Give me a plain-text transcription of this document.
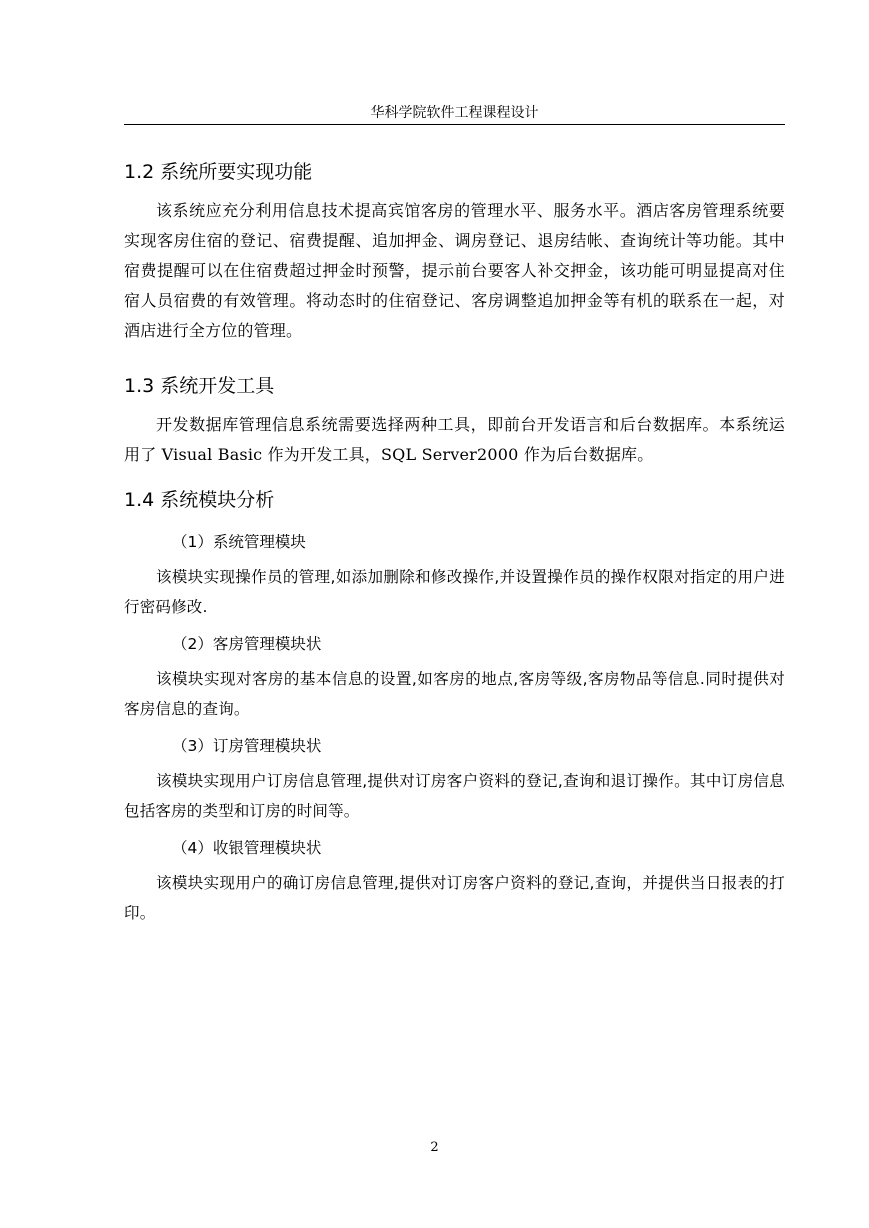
华科学院软件工程课程设计
1.2 系统所要实现功能
该系统应充分利用信息技术提高宾馆客房的管理水平、服务水平。酒店客房管理系统要实现客房住宿的登记、宿费提醒、追加押金、调房登记、退房结帐、查询统计等功能。其中宿费提醒可以在住宿费超过押金时预警，提示前台要客人补交押金，该功能可明显提高对住宿人员宿费的有效管理。将动态时的住宿登记、客房调整追加押金等有机的联系在一起，对酒店进行全方位的管理。
1.3 系统开发工具
开发数据库管理信息系统需要选择两种工具，即前台开发语言和后台数据库。本系统运用了 Visual Basic 作为开发工具，SQL Server2000 作为后台数据库。
1.4 系统模块分析
（1）系统管理模块
该模块实现操作员的管理,如添加删除和修改操作,并设置操作员的操作权限对指定的用户进行密码修改.
（2）客房管理模块状
该模块实现对客房的基本信息的设置,如客房的地点,客房等级,客房物品等信息.同时提供对客房信息的查询。
（3）订房管理模块状
该模块实现用户订房信息管理,提供对订房客户资料的登记,查询和退订操作。其中订房信息包括客房的类型和订房的时间等。
（4）收银管理模块状
该模块实现用户的确订房信息管理,提供对订房客户资料的登记,查询，并提供当日报表的打印。
2
